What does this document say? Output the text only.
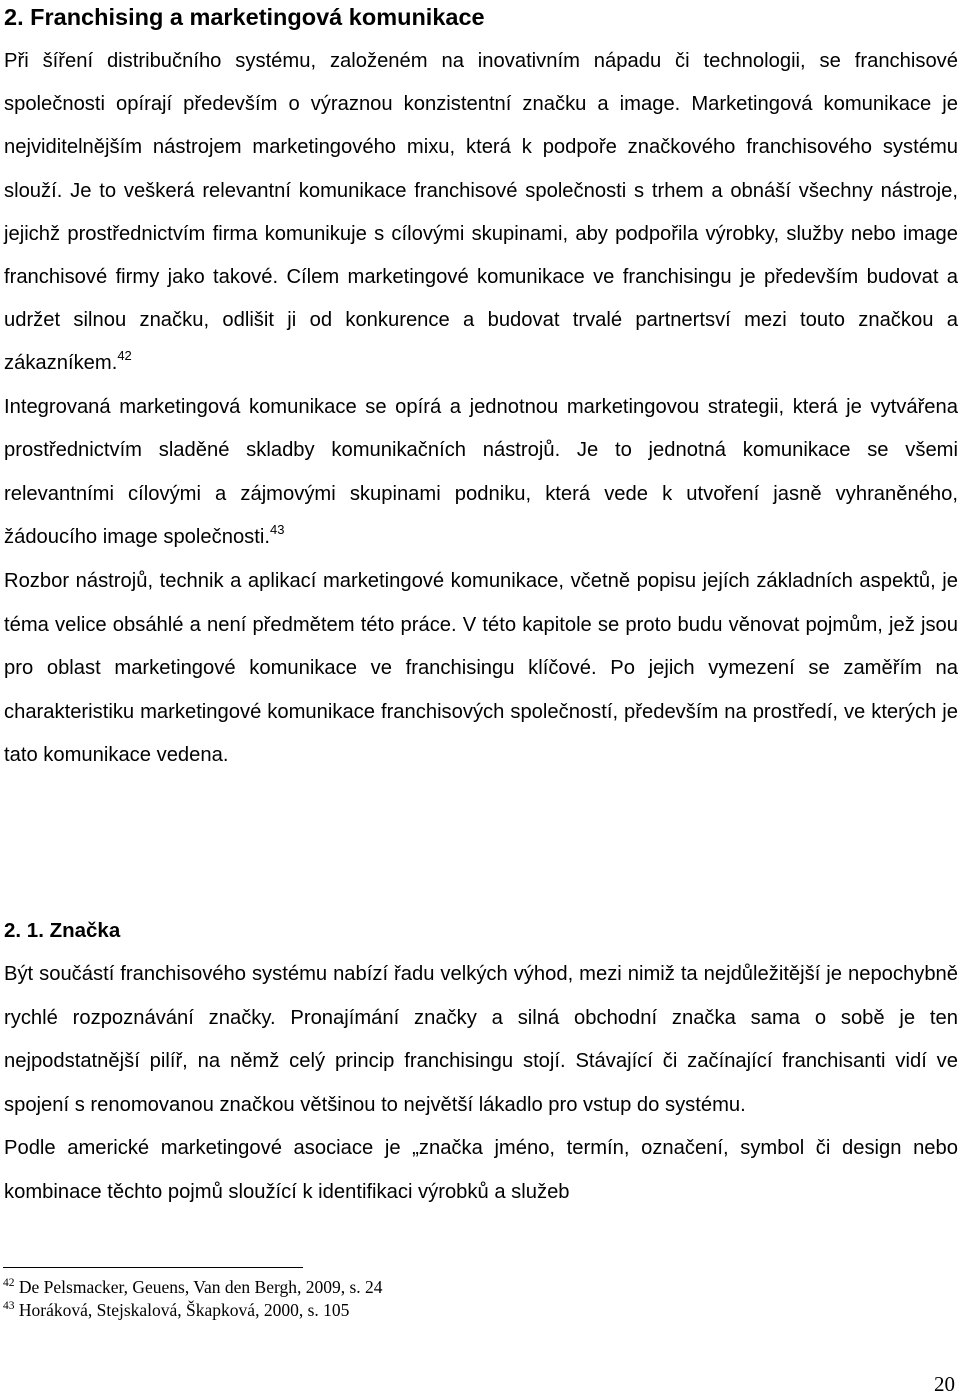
2. Franchising a marketingová komunikace

Při šíření distribučního systému, založeném na inovativním nápadu či technologii, se franchisové společnosti opírají především o výraznou konzistentní značku a image. Marketingová komunikace je nejviditelnějším nástrojem marketingového mixu, která k podpoře značkového franchisového systému slouží. Je to veškerá relevantní komunikace franchisové společnosti s trhem a obnáší všechny nástroje, jejichž prostřednictvím firma komunikuje s cílovými skupinami, aby podpořila výrobky, služby nebo image franchisové firmy jako takové. Cílem marketingové komunikace ve franchisingu je především budovat a udržet silnou značku, odlišit ji od konkurence a budovat trvalé partnertsví mezi touto značkou a zákazníkem.$^{42}$

Integrovaná marketingová komunikace se opírá a jednotnou marketingovou strategii, která je vytvářena prostřednictvím sladěné skladby komunikačních nástrojů. Je to jednotná komunikace se všemi relevantními cílovými a zájmovými skupinami podniku, která vede k utvoření jasně vyhraněného, žádoucího image společnosti.$^{43}$

Rozbor nástrojů, technik a aplikací marketingové komunikace, včetně popisu jejích základních aspektů, je téma velice obsáhlé a není předmětem této práce. V této kapitole se proto budu věnovat pojmům, jež jsou pro oblast marketingové komunikace ve franchisingu klíčové. Po jejich vymezení se zaměřím na charakteristiku marketingové komunikace franchisových společností, především na prostředí, ve kterých je tato komunikace vedena.

2. 1. Značka

Být součástí franchisového systému nabízí řadu velkých výhod, mezi nimiž ta nejdůležitější je nepochybně rychlé rozpoznávání značky. Pronajímání značky a silná obchodní značka sama o sobě je ten nejpodstatnější pilíř, na němž celý princip franchisingu stojí. Stávající či začínající franchisanti vidí ve spojení s renomovanou značkou většinou to největší lákadlo pro vstup do systému.

Podle americké marketingové asociace je „značka jméno, termín, označení, symbol či design nebo kombinace těchto pojmů sloužící k identifikaci výrobků a služeb

$^{42}$ De Pelsmacker, Geuens, Van den Bergh, 2009, s. 24
$^{43}$ Horáková, Stejskalová, Škapková, 2000, s. 105
20
